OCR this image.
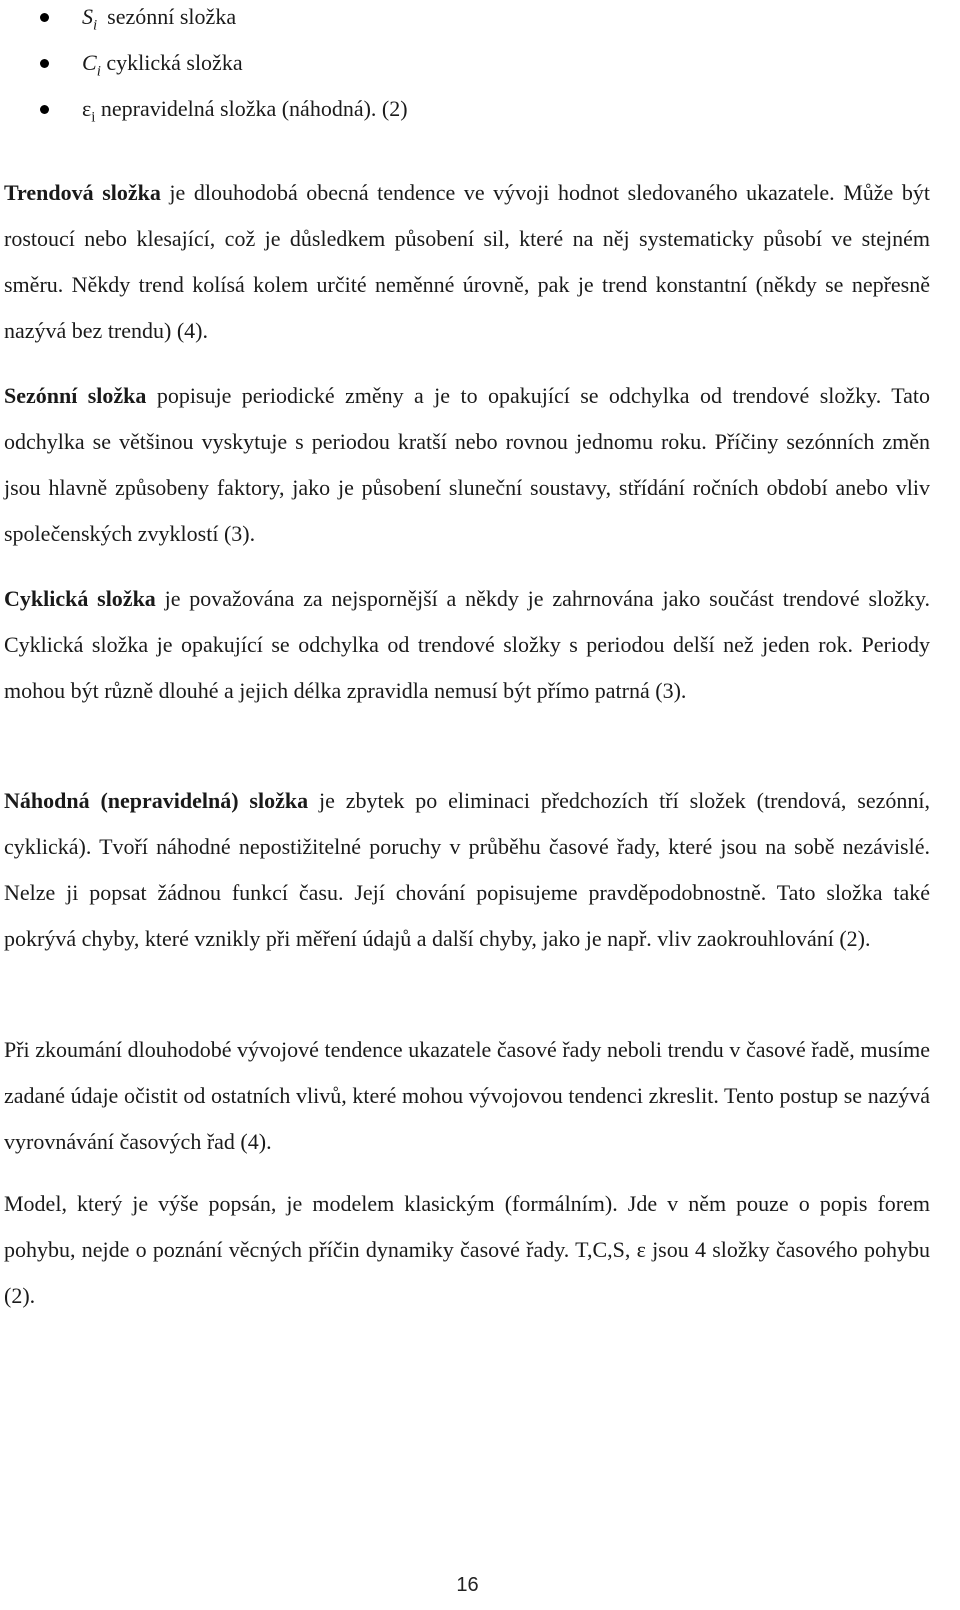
$S_i$ sezónní složka
$C_i$ cyklická složka
$\varepsilon_i$ nepravidelná složka (náhodná). (2)

Trendová složka je dlouhodobá obecná tendence ve vývoji hodnot sledovaného ukazatele. Může být rostoucí nebo klesající, což je důsledkem působení sil, které na něj systematicky působí ve stejném směru. Někdy trend kolísá kolem určité neměnné úrovně, pak je trend konstantní (někdy se nepřesně nazývá bez trendu) (4).

Sezónní složka popisuje periodické změny a je to opakující se odchylka od trendové složky. Tato odchylka se většinou vyskytuje s periodou kratší nebo rovnou jednomu roku. Příčiny sezónních změn jsou hlavně způsobeny faktory, jako je působení sluneční soustavy, střídání ročních období anebo vliv společenských zvyklostí (3).

Cyklická složka je považována za nejspornější a někdy je zahrnována jako součást trendové složky. Cyklická složka je opakující se odchylka od trendové složky s periodou delší než jeden rok. Periody mohou být různě dlouhé a jejich délka zpravidla nemusí být přímo patrná (3).

Náhodná (nepravidelná) složka je zbytek po eliminaci předchozích tří složek (trendová, sezónní, cyklická). Tvoří náhodné nepostižitelné poruchy v průběhu časové řady, které jsou na sobě nezávislé. Nelze ji popsat žádnou funkcí času. Její chování popisujeme pravděpodobnostně. Tato složka také pokrývá chyby, které vznikly při měření údajů a další chyby, jako je např. vliv zaokrouhlování (2).

Při zkoumání dlouhodobé vývojové tendence ukazatele časové řady neboli trendu v časové řadě, musíme zadané údaje očistit od ostatních vlivů, které mohou vývojovou tendenci zkreslit. Tento postup se nazývá vyrovnávání časových řad (4).

Model, který je výše popsán, je modelem klasickým (formálním). Jde v něm pouze o popis forem pohybu, nejde o poznání věcných příčin dynamiky časové řady. T,C,S, ε jsou 4 složky časového pohybu (2).

16
